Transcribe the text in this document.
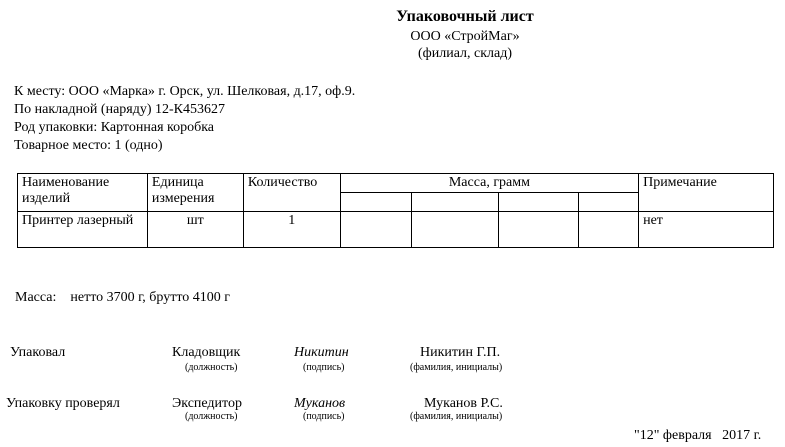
Упаковочный лист
ООО «СтройМаг»
(филиал, склад)
К месту: ООО «Марка» г. Орск, ул. Шелковая, д.17, оф.9.
По накладной (наряду) 12-К453627
Род упаковки: Картонная коробка
Товарное место: 1 (одно)
Наименование изделий	Единица измерения	Количество	Масса, грамм				Примечание

Принтер лазерный	шт	1					нет
Масса:    нетто 3700 г, брутто 4100 г
Упаковал	Кладовщик	Никитин	Никитин Г.П.
(должность)	(подпись)	(фамилия, инициалы)
Упаковку проверял	Экспедитор	Муканов	Муканов Р.С.
(должность)	(подпись)	(фамилия, инициалы)
"12" февраля   2017 г.
